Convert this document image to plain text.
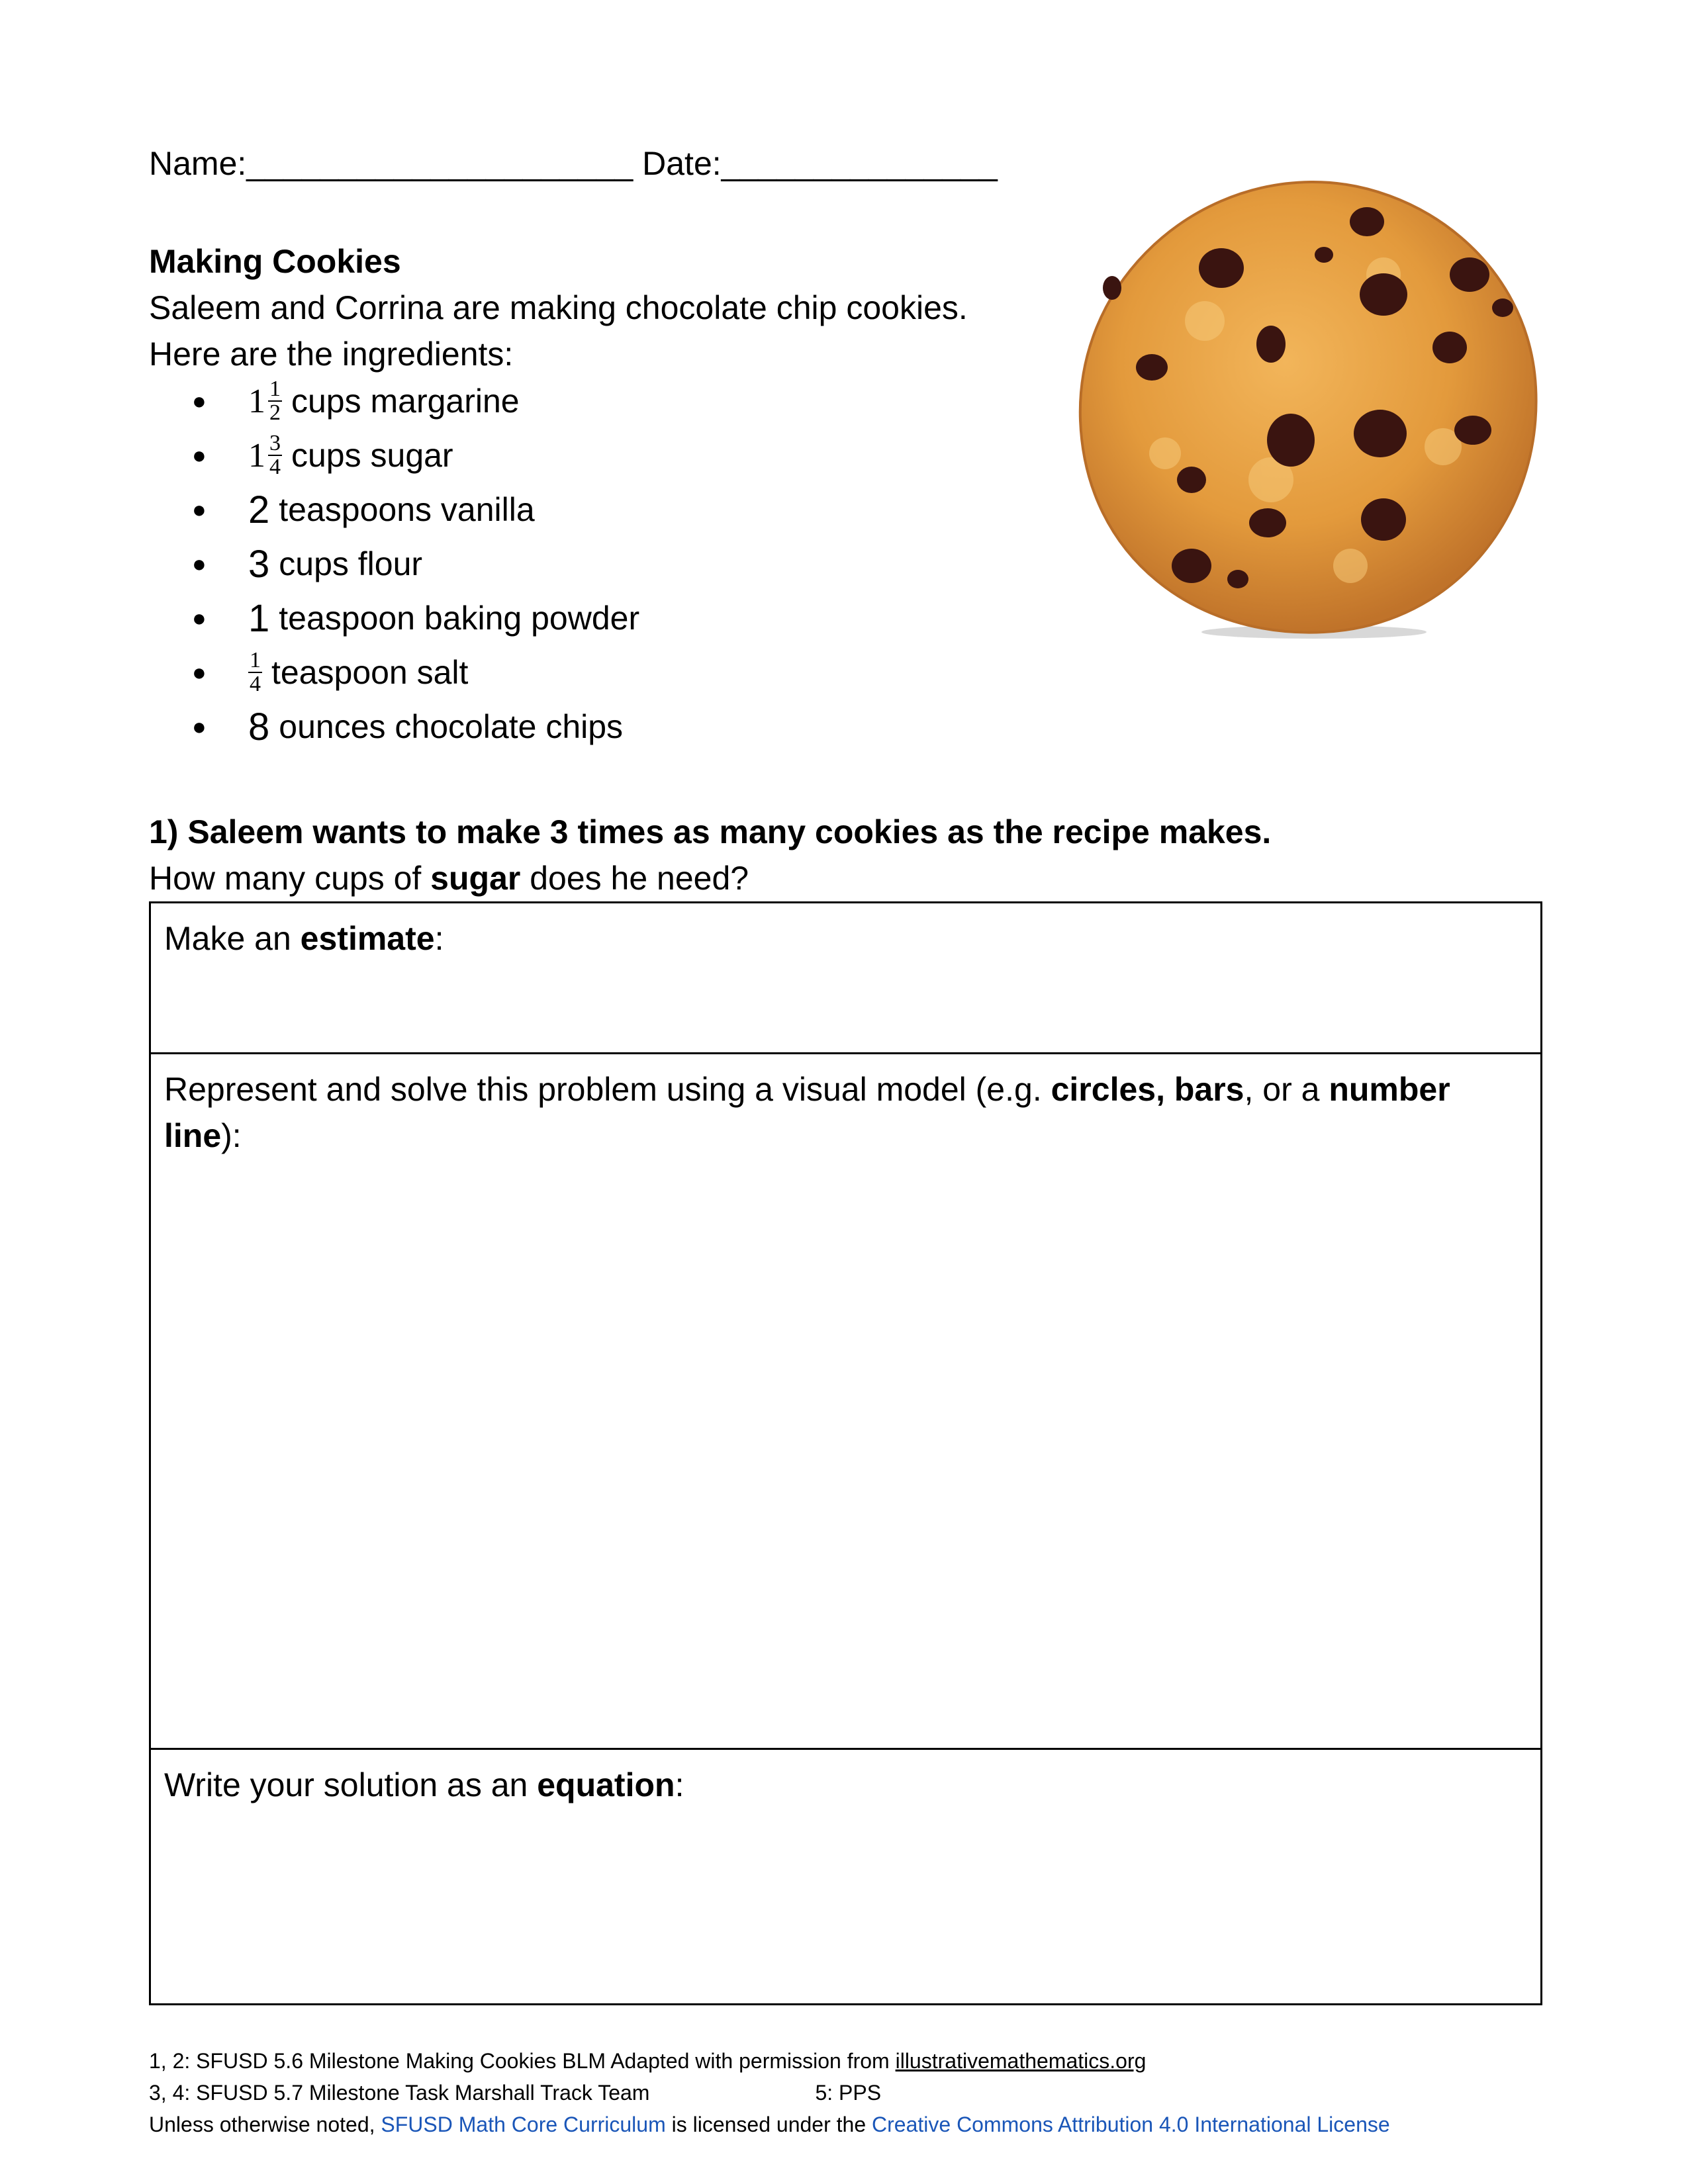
Name:_____________________ Date:_______________
Making Cookies
Saleem and Corrina are making chocolate chip cookies.
Here are the ingredients:
●	$1 \frac{1}{2}$ cups margarine
●	$1 \frac{3}{4}$ cups sugar
●	2 teaspoons vanilla
●	3 cups flour
●	1 teaspoon baking powder
●	$\frac{1}{4}$ teaspoon salt
●	8 ounces chocolate chips
1) Saleem wants to make 3 times as many cookies as the recipe makes.
How many cups of sugar does he need?
Make an estimate:
Represent and solve this problem using a visual model (e.g. circles, bars, or a number line):
Write your solution as an equation:
1, 2: SFUSD 5.6 Milestone Making Cookies BLM Adapted with permission from illustrativemathematics.org
3, 4: SFUSD 5.7 Milestone Task Marshall Track Team	5: PPS
Unless otherwise noted, SFUSD Math Core Curriculum is licensed under the Creative Commons Attribution 4.0 International License
